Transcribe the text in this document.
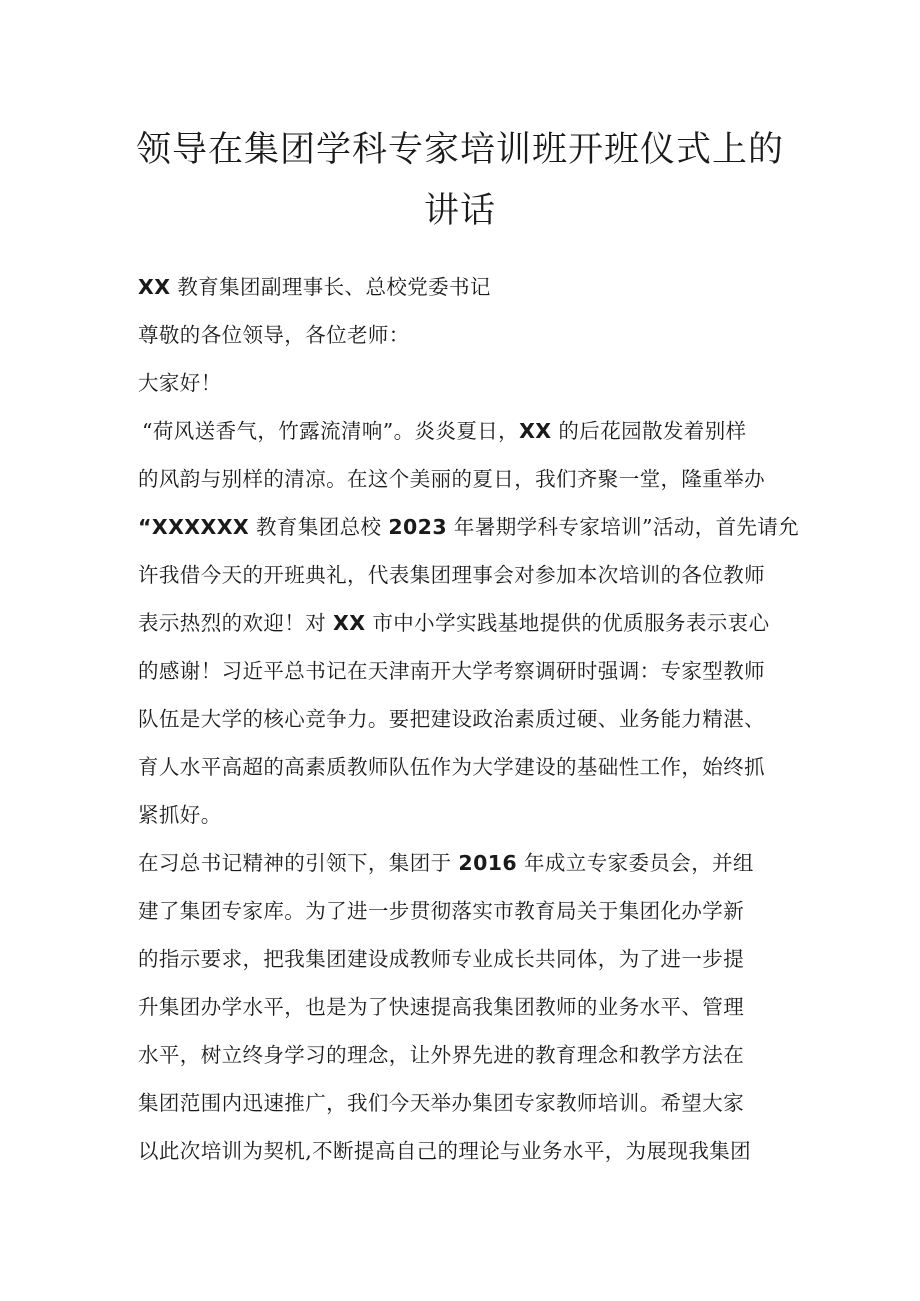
领导在集团学科专家培训班开班仪式上的
讲话
XX 教育集团副理事长、总校党委书记
尊敬的各位领导，各位老师：
大家好！
“荷风送香气，竹露流清响”。炎炎夏日，XX 的后花园散发着别样
的风韵与别样的清凉。在这个美丽的夏日，我们齐聚一堂，隆重举办
“XXXXXX 教育集团总校 2023 年暑期学科专家培训”活动，首先请允
许我借今天的开班典礼，代表集团理事会对参加本次培训的各位教师
表示热烈的欢迎！对 XX 市中小学实践基地提供的优质服务表示衷心
的感谢！习近平总书记在天津南开大学考察调研时强调：专家型教师
队伍是大学的核心竞争力。要把建设政治素质过硬、业务能力精湛、
育人水平高超的高素质教师队伍作为大学建设的基础性工作，始终抓
紧抓好。
在习总书记精神的引领下，集团于 2016 年成立专家委员会，并组
建了集团专家库。为了进一步贯彻落实市教育局关于集团化办学新
的指示要求，把我集团建设成教师专业成长共同体，为了进一步提
升集团办学水平，也是为了快速提高我集团教师的业务水平、管理
水平，树立终身学习的理念，让外界先进的教育理念和教学方法在
集团范围内迅速推广，我们今天举办集团专家教师培训。希望大家
以此次培训为契机,不断提高自己的理论与业务水平，为展现我集团
